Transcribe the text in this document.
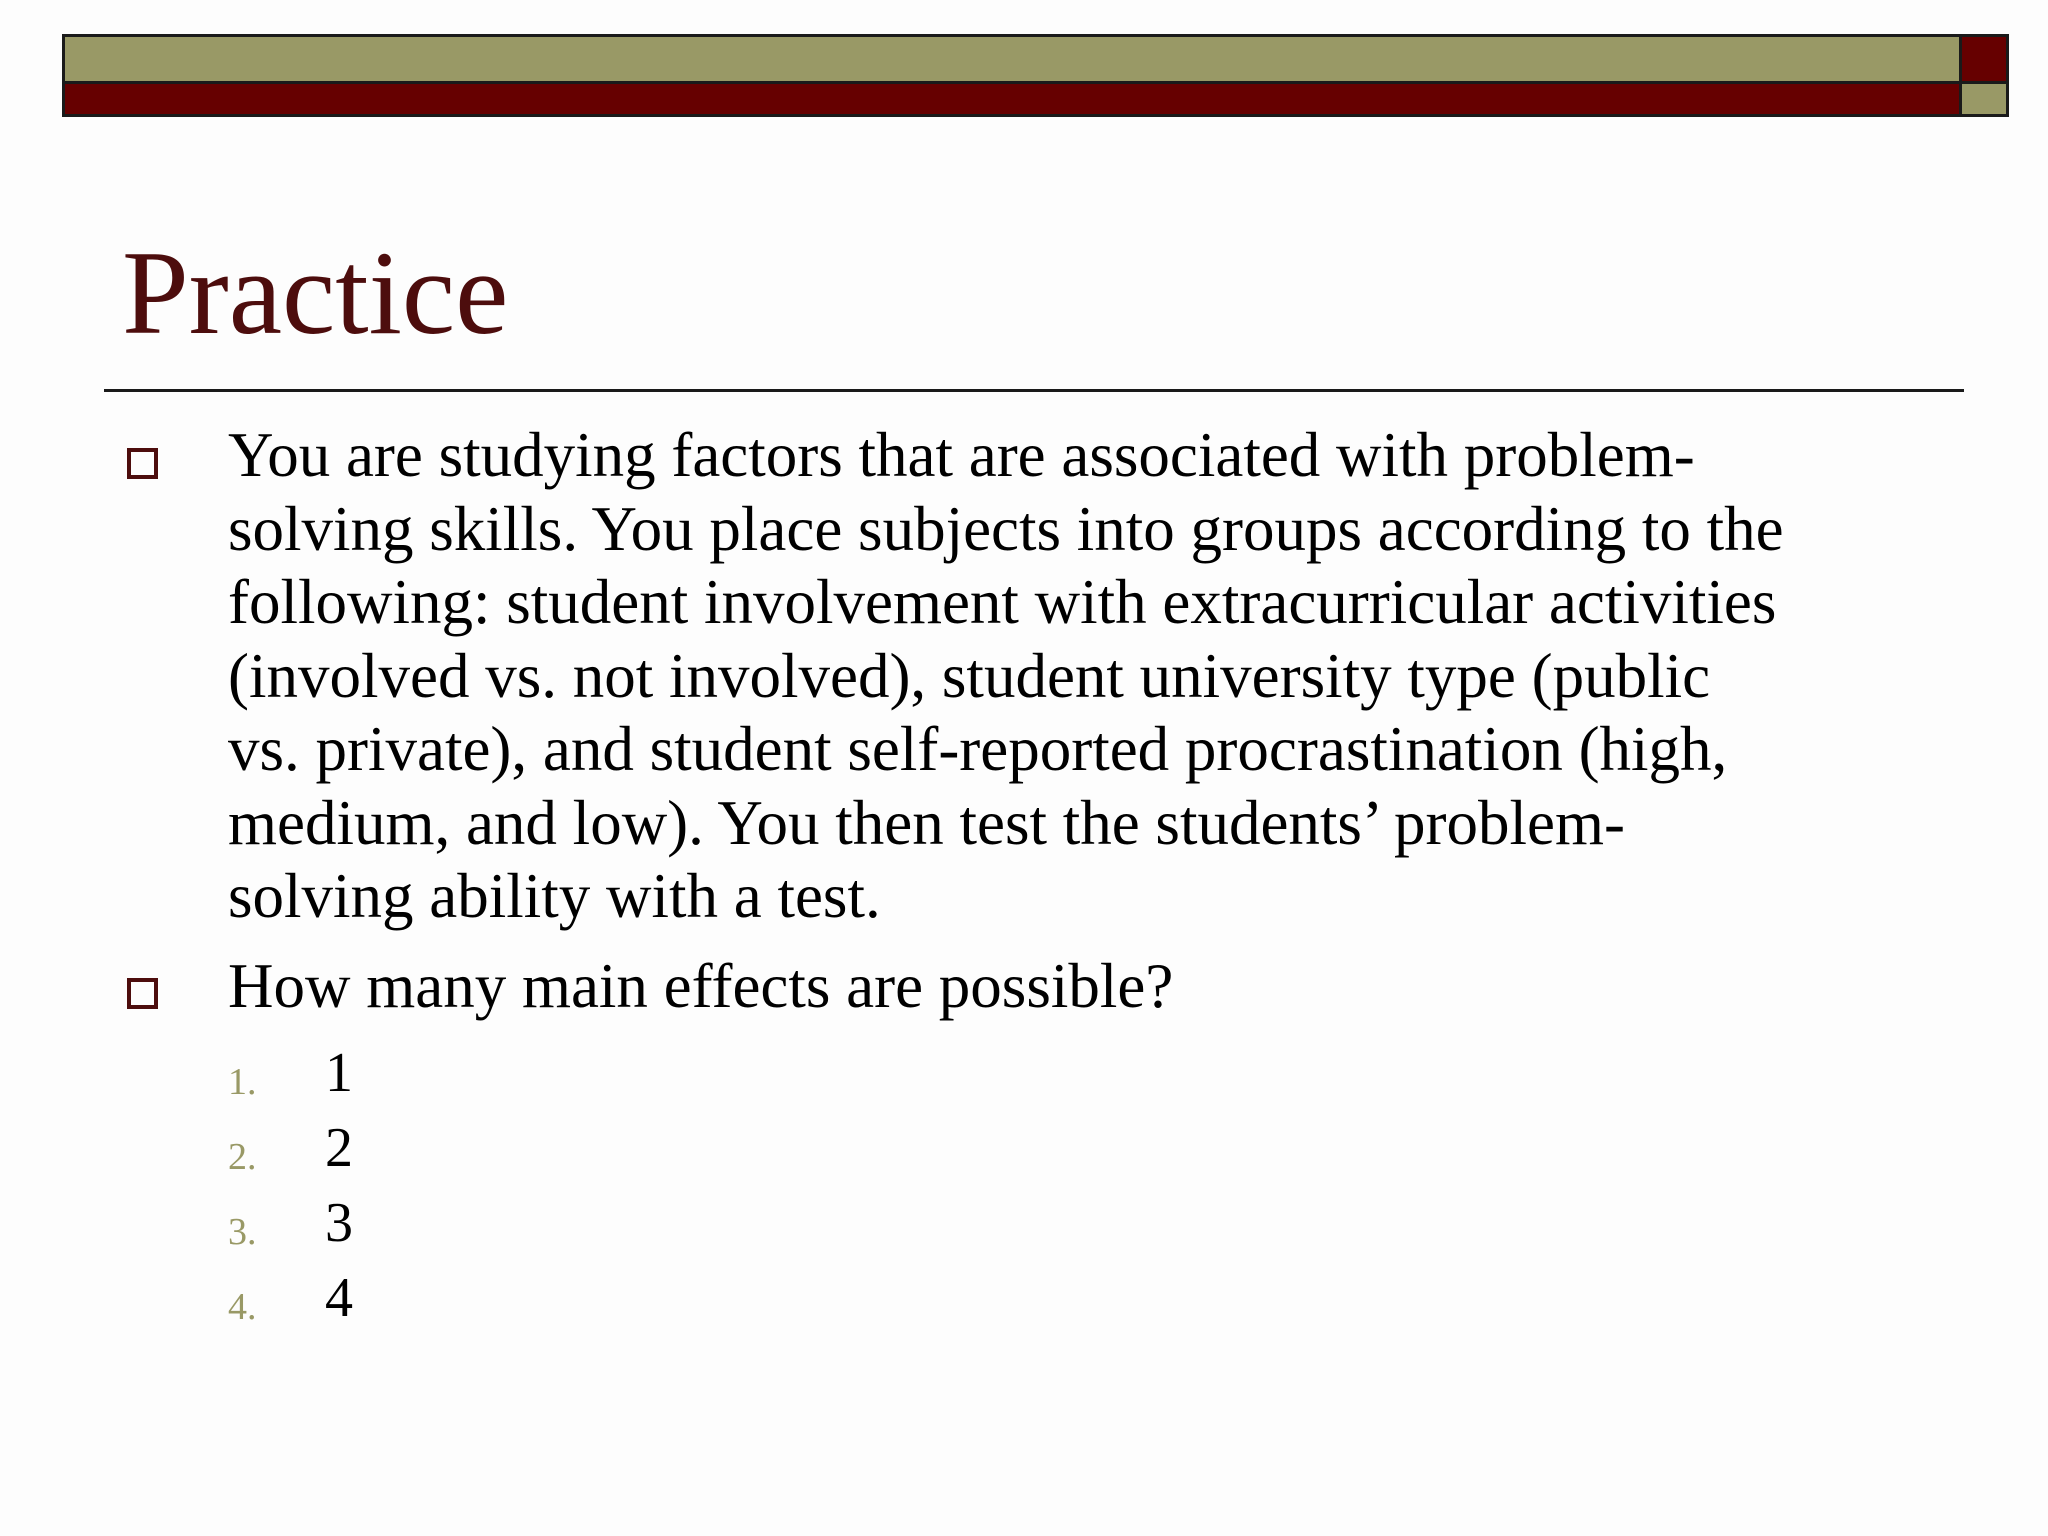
Practice

You are studying factors that are associated with problem-
solving skills. You place subjects into groups according to the
following: student involvement with extracurricular activities
(involved vs. not involved), student university type (public
vs. private), and student self-reported procrastination (high,
medium, and low). You then test the students’ problem-
solving ability with a test.

How many main effects are possible?

1. 1
2. 2
3. 3
4. 4
